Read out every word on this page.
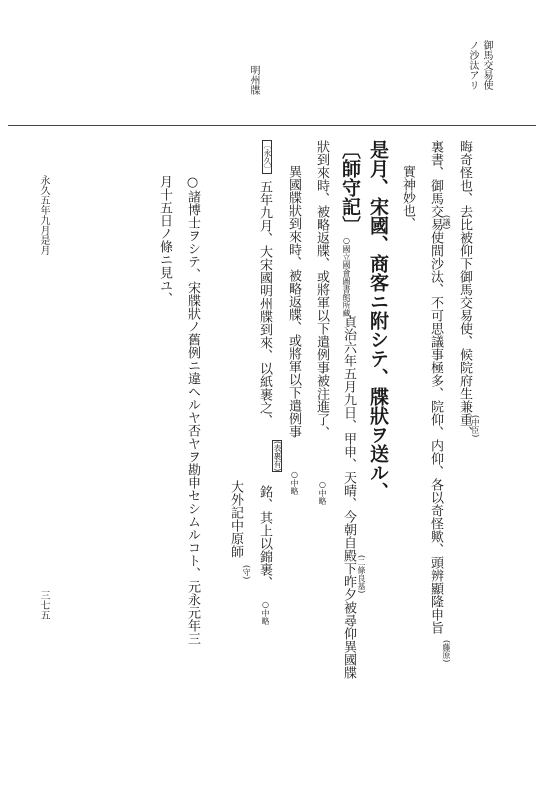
明州牒	御馬交易使
ノ沙汰アリ
永久五年九月是月
三七五
晦奇怪也、去比被仰下御馬交易使、候院府生兼重、 (中臣)
裏書、御馬交易使間沙汰、不可思議事極多、院仰、内仰、各以奇怪歟、頭辨顯隆申旨 (議)
(藤原)
實神妙也、
是月、宋國、商客ニ附シテ、牒狀ヲ送ル、
〔師守記〕
○國立國會圖書館所藏
貞治六年五月九日、甲申、天晴、今朝自殿下昨夕被尋仰異國牒 (二條良基)
狀到來時、被略返牒、或將軍以下遣例事被注進了、
○中略
異國牒狀到來時、被略返牒、或將軍以下遣例事
○中略
〔永久〕
五年九月、大宋國明州牒到來、以紙裹之、
(表裹有)
銘、其上以錦裹、
○中略
大外記中原師
(守)
○諸博士ヲシテ、宋牒狀ノ舊例ニ違ヘルヤ否ヤヲ勘申セシムルコト、元永元年三
月十五日ノ條ニ見ユ、
